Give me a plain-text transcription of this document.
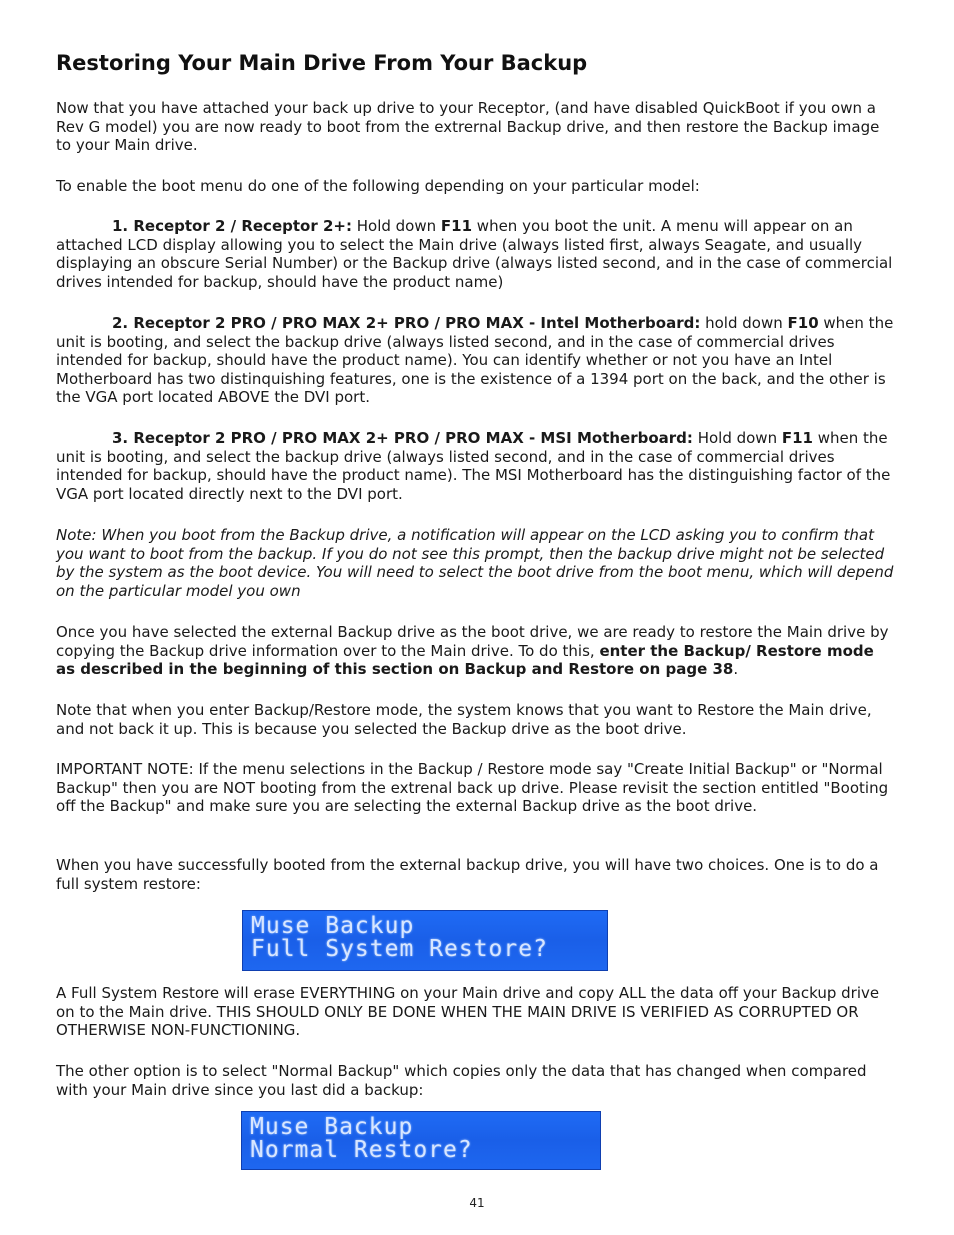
Restoring Your Main Drive From Your Backup

Now that you have attached your back up drive to your Receptor, (and have disabled QuickBoot if you own a Rev G model) you are now ready to boot from the extrernal Backup drive, and then restore the Backup image to your Main drive.

To enable the boot menu do one of the following depending on your particular model:

1. Receptor 2 / Receptor 2+: Hold down F11 when you boot the unit. A menu will appear on an attached LCD display allowing you to select the Main drive (always listed first, always Seagate, and usually displaying an obscure Serial Number) or the Backup drive (always listed second, and in the case of commercial drives intended for backup, should have the product name)

2. Receptor 2 PRO / PRO MAX 2+ PRO / PRO MAX - Intel Motherboard: hold down F10 when the unit is booting, and select the backup drive (always listed second, and in the case of commercial drives intended for backup, should have the product name). You can identify whether or not you have an Intel Motherboard has two distinquishing features, one is the existence of a 1394 port on the back, and the other is the VGA port located ABOVE the DVI port.

3. Receptor 2 PRO / PRO MAX 2+ PRO / PRO MAX - MSI Motherboard: Hold down F11 when the unit is booting, and select the backup drive (always listed second, and in the case of commercial drives intended for backup, should have the product name). The MSI Motherboard has the distinguishing factor of the VGA port located directly next to the DVI port.

Note: When you boot from the Backup drive, a notification will appear on the LCD asking you to confirm that you want to boot from the backup. If you do not see this prompt, then the backup drive might not be selected by the system as the boot device. You will need to select the boot drive from the boot menu, which will depend on the particular model you own

Once you have selected the external Backup drive as the boot drive, we are ready to restore the Main drive by copying the Backup drive information over to the Main drive. To do this, enter the Backup/ Restore mode as described in the beginning of this section on Backup and Restore on page 38.

Note that when you enter Backup/Restore mode, the system knows that you want to Restore the Main drive, and not back it up. This is because you selected the Backup drive as the boot drive.

IMPORTANT NOTE: If the menu selections in the Backup / Restore mode say "Create Initial Backup" or "Normal Backup" then you are NOT booting from the extrenal back up drive. Please revisit the section entitled "Booting off the Backup" and make sure you are selecting the external Backup drive as the boot drive.

When you have successfully booted from the external backup drive, you will have two choices. One is to do a full system restore:

Muse Backup
Full System Restore?

A Full System Restore will erase EVERYTHING on your Main drive and copy ALL the data off your Backup drive on to the Main drive. THIS SHOULD ONLY BE DONE WHEN THE MAIN DRIVE IS VERIFIED AS CORRUPTED OR OTHERWISE NON-FUNCTIONING.

The other option is to select "Normal Backup" which copies only the data that has changed when compared with your Main drive since you last did a backup:

Muse Backup
Normal Restore?
41
